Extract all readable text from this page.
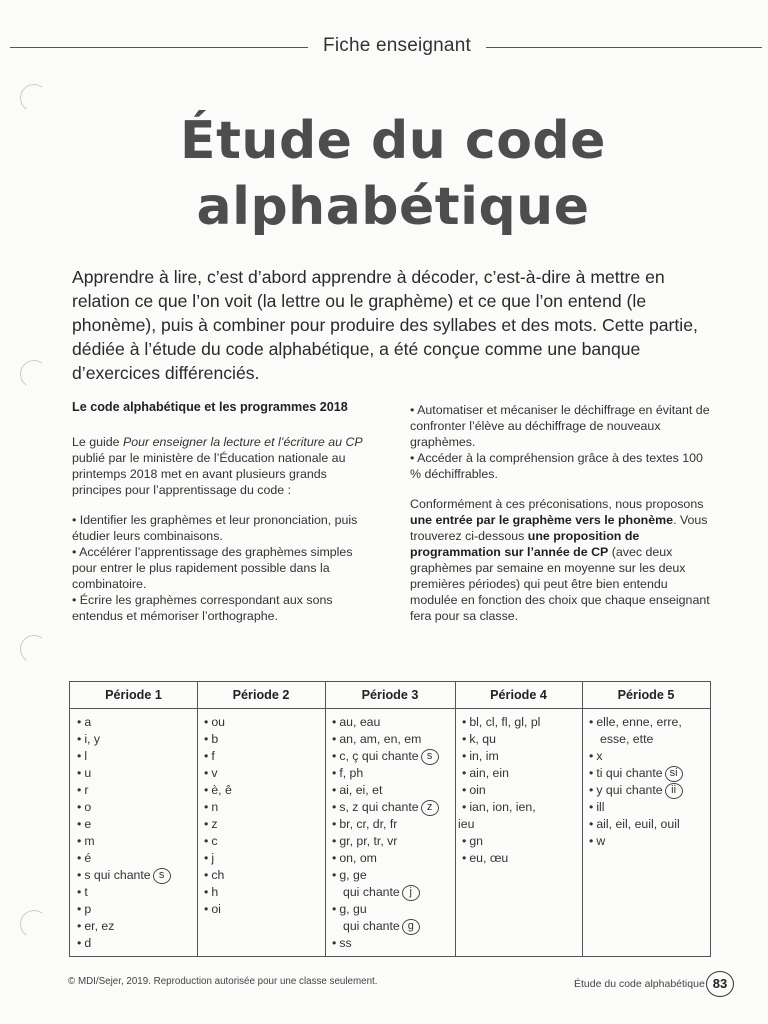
Fiche enseignant
Étude du code
alphabétique
Apprendre à lire, c’est d’abord apprendre à décoder, c’est-à-dire à mettre en relation ce que l’on voit (la lettre ou le graphème) et ce que l’on entend (le phonème), puis à combiner pour produire des syllabes et des mots. Cette partie, dédiée à l’étude du code alphabétique, a été conçue comme une banque d’exercices différenciés.
Le code alphabétique et les programmes 2018

Le guide Pour enseigner la lecture et l’écriture au CP publié par le ministère de l’Éducation nationale au printemps 2018 met en avant plusieurs grands principes pour l’apprentissage du code :

• Identifier les graphèmes et leur prononciation, puis étudier leurs combinaisons.

• Accélérer l’apprentissage des graphèmes simples pour entrer le plus rapidement possible dans la combinatoire.

• Écrire les graphèmes correspondant aux sons entendus et mémoriser l’orthographe.

• Automatiser et mécaniser le déchiffrage en évitant de confronter l’élève au déchiffrage de nouveaux graphèmes.

• Accéder à la compréhension grâce à des textes 100 % déchiffrables.

Conformément à ces préconisations, nous proposons une entrée par le graphème vers le phonème. Vous trouverez ci-dessous une proposition de programmation sur l’année de CP (avec deux graphèmes par semaine en moyenne sur les deux premières périodes) qui peut être bien entendu modulée en fonction des choix que chaque enseignant fera pour sa classe.

Période 1
• a
• i, y
• l
• u
• r
• o
• e
• m
• é
• s qui chante s
• t
• p
• er, ez
• d
Période 2
• ou
• b
• f
• v
• è, ê
• n
• z
• c
• j
• ch
• h
• oi
Période 3
• au, eau
• an, am, en, em
• c, ç qui chante s
• f, ph
• ai, ei, et
• s, z qui chante z
• br, cr, dr, fr
• gr, pr, tr, vr
• on, om
• g, ge
qui chante j
• g, gu
qui chante g
• ss
Période 4
• bl, cl, fl, gl, pl
• k, qu
• in, im
• ain, ein
• oin
• ian, ion, ien,
ieu
• gn
• eu, œu
Période 5
• elle, enne, erre,
esse, ette
• x
• ti qui chante si
• y qui chante ii
• ill
• ail, eil, euil, ouil
• w
© MDI/Sejer, 2019. Reproduction autorisée pour une classe seulement.	Étude du code alphabétique 83
